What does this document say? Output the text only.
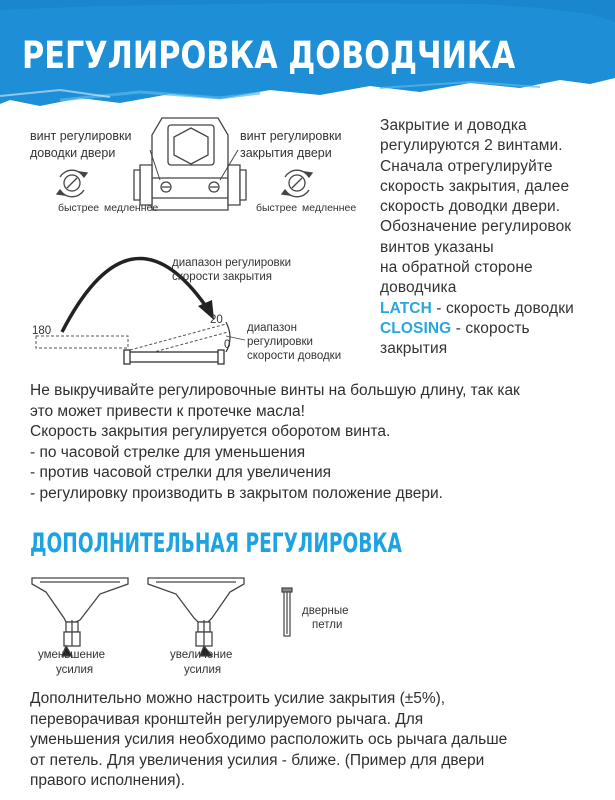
РЕГУЛИРОВКА ДОВОДЧИКА
винт регулировки
доводки двери
винт регулировки
закрытия двери
быстрее медленнее	быстрее медленнее
диапазон регулировки
скорости закрытия
диапазон
регулировки
скорости доводки
180
20
0

Закрытие и доводка

регулируются 2 винтами.

Сначала отрегулируйте

скорость закрытия, далее

скорость доводки двери.

Обозначение регулировок

винтов указаны

на обратной стороне

доводчика

LATCH - скорость доводки

CLOSING - скорость

закрытия

Не выкручивайте регулировочные винты на большую длину, так как

это может привести к протечке масла!

Скорость закрытия регулируется оборотом винта.

- по часовой стрелке для уменьшения

- против часовой стрелки для увеличения

- регулировку производить в закрытом положение двери.

ДОПОЛНИТЕЛЬНАЯ РЕГУЛИРОВКА
дверные
петли
уменьшение
усилия
увеличение
усилия

Дополнительно можно настроить усилие закрытия (±5%),

переворачивая кронштейн регулируемого рычага. Для

уменьшения усилия необходимо расположить ось рычага дальше

от петель. Для увеличения усилия - ближе. (Пример для двери

правого исполнения).
